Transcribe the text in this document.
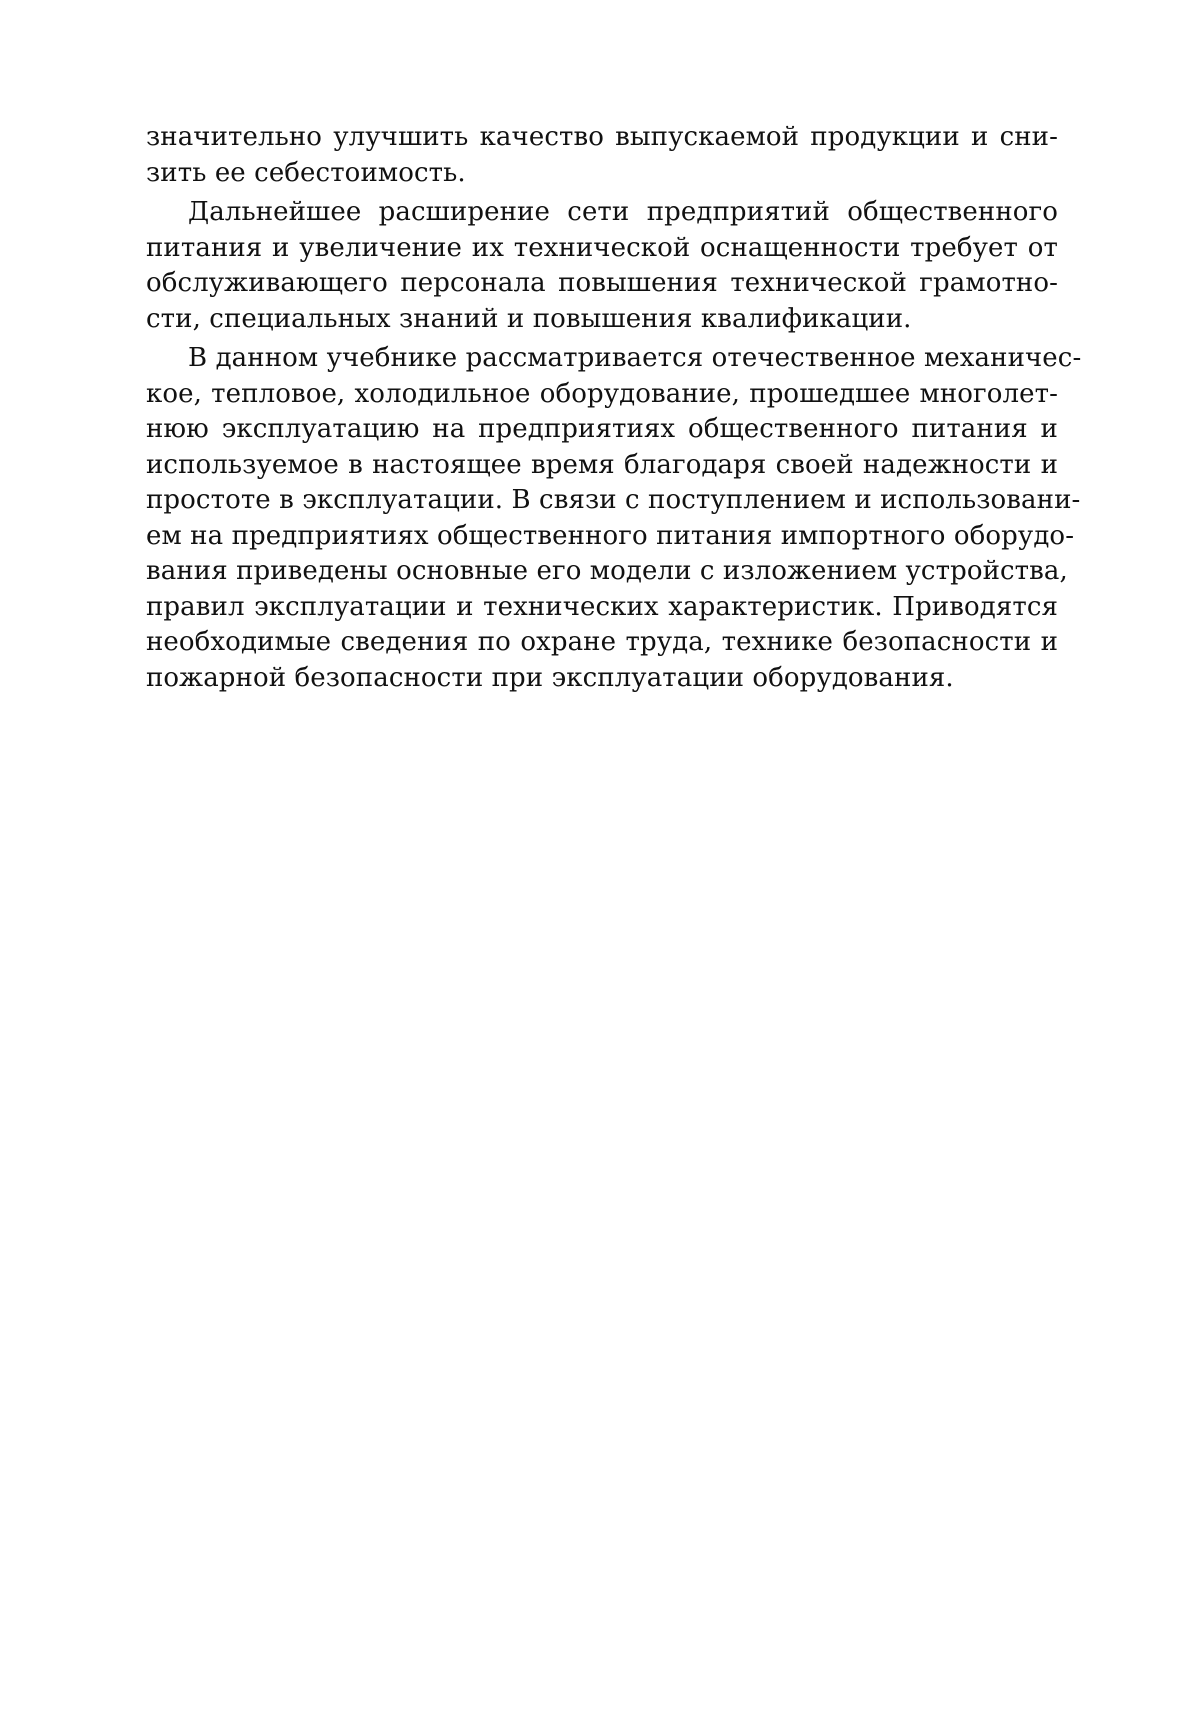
значительно улучшить качество выпускаемой продукции и сни-
зить ее себестоимость.
Дальнейшее расширение сети предприятий общественного
питания и увеличение их технической оснащенности требует от
обслуживающего персонала повышения технической грамотно-
сти, специальных знаний и повышения квалификации.
В данном учебнике рассматривается отечественное механичес-
кое, тепловое, холодильное оборудование, прошедшее многолет-
нюю эксплуатацию на предприятиях общественного питания и
используемое в настоящее время благодаря своей надежности и
простоте в эксплуатации. В связи с поступлением и использовани-
ем на предприятиях общественного питания импортного оборудо-
вания приведены основные его модели с изложением устройства,
правил эксплуатации и технических характеристик. Приводятся
необходимые сведения по охране труда, технике безопасности и
пожарной безопасности при эксплуатации оборудования.
